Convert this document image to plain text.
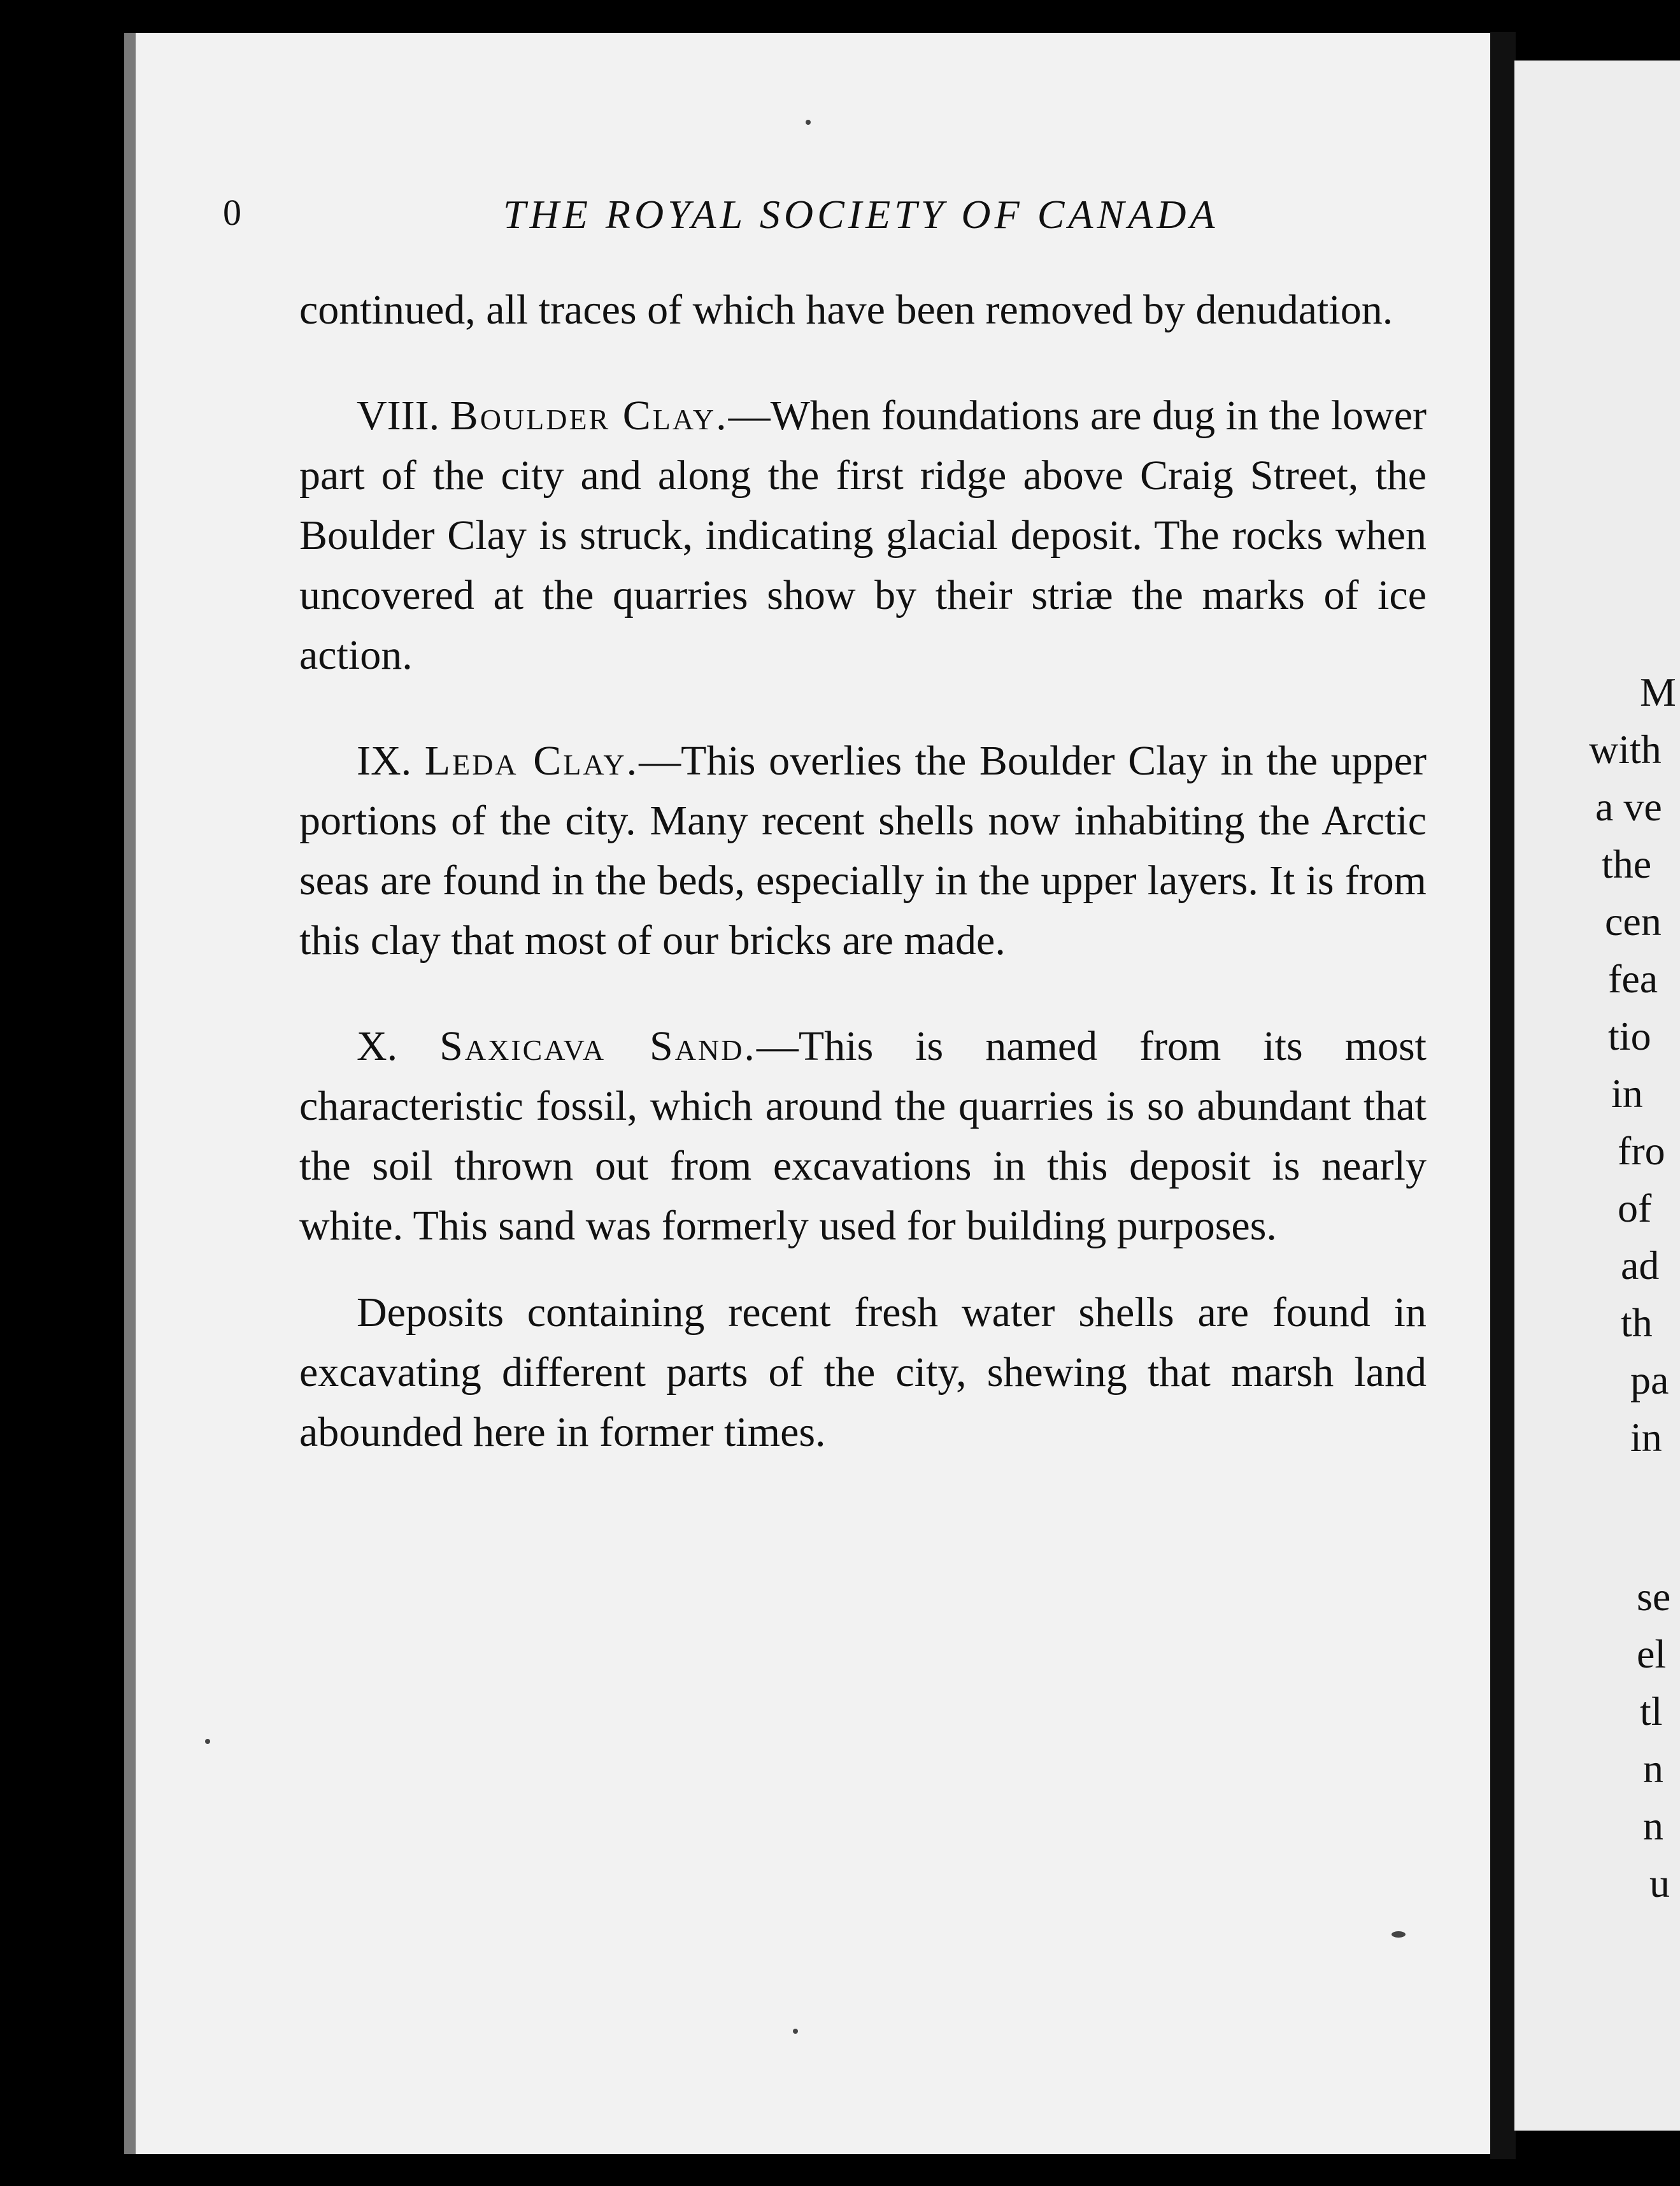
0	THE ROYAL SOCIETY OF CANADA

continued, all traces of which have been removed by denudation.

VIII. Boulder Clay.—When foundations are dug in the lower part of the city and along the first ridge above Craig Street, the Boulder Clay is struck, indicating glacial deposit. The rocks when uncovered at the quarries show by their striæ the marks of ice action.

IX. Leda Clay.—This overlies the Boulder Clay in the upper portions of the city. Many recent shells now inhabiting the Arctic seas are found in the beds, especially in the upper layers. It is from this clay that most of our bricks are made.

X. Saxicava Sand.—This is named from its most characteristic fossil, which around the quarries is so abundant that the soil thrown out from excavations in this deposit is nearly white. This sand was formerly used for building purposes.

Deposits containing recent fresh water shells are found in excavating different parts of the city, shewing that marsh land abounded here in former times.

M
with
a ve
the
cen
fea
tio
in
fro
of
ad
th
pa
in
se
el
tl
n
n
u
